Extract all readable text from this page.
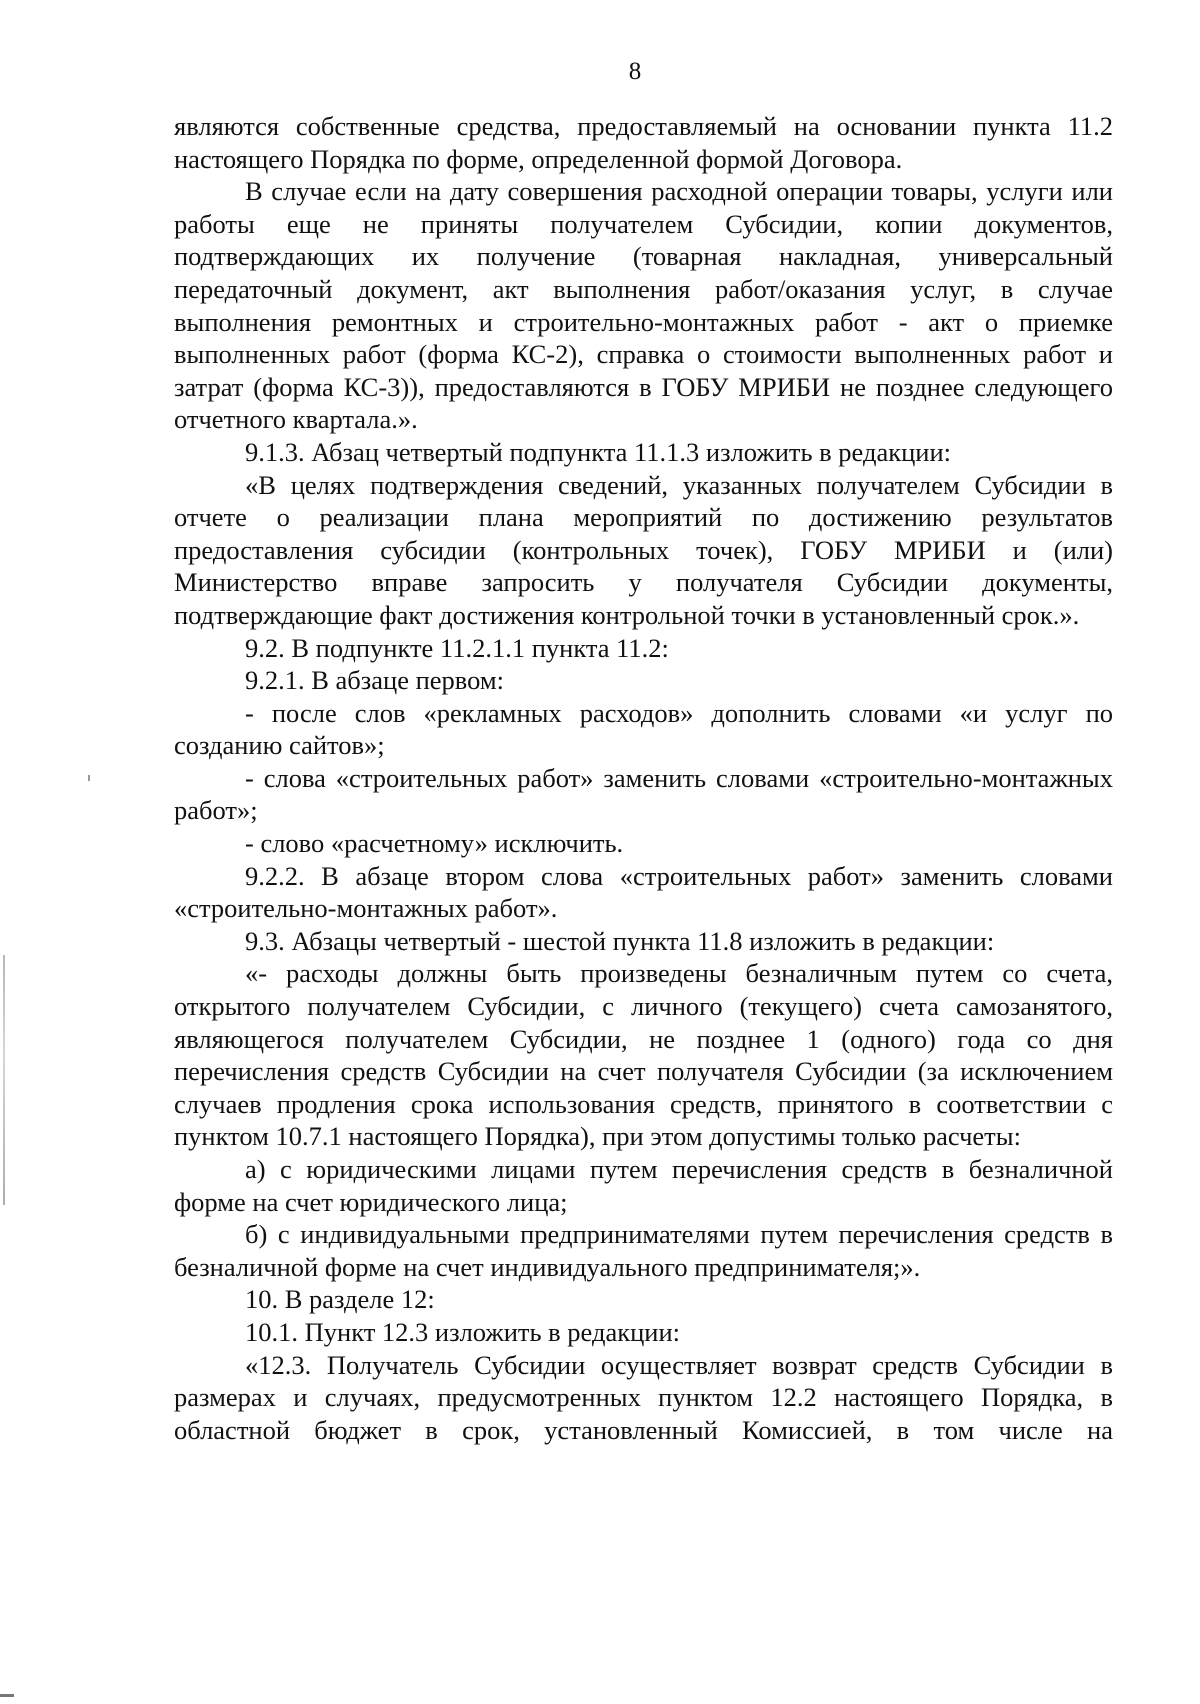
8

являются собственные средства, предоставляемый на основании пункта 11.2 настоящего Порядка по форме, определенной формой Договора.

В случае если на дату совершения расходной операции товары, услуги или работы еще не приняты получателем Субсидии, копии документов, подтверждающих их получение (товарная накладная, универсальный передаточный документ, акт выполнения работ/оказания услуг, в случае выполнения ремонтных и строительно-монтажных работ - акт о приемке выполненных работ (форма КС-2), справка о стоимости выполненных работ и затрат (форма КС-3)), предоставляются в ГОБУ МРИБИ не позднее следующего отчетного квартала.».

9.1.3. Абзац четвертый подпункта 11.1.3 изложить в редакции:

«В целях подтверждения сведений, указанных получателем Субсидии в отчете о реализации плана мероприятий по достижению результатов предоставления субсидии (контрольных точек), ГОБУ МРИБИ и (или) Министерство вправе запросить у получателя Субсидии документы, подтверждающие факт достижения контрольной точки в установленный срок.».

9.2. В подпункте 11.2.1.1 пункта 11.2:

9.2.1. В абзаце первом:

- после слов «рекламных расходов» дополнить словами «и услуг по созданию сайтов»;

- слова «строительных работ» заменить словами «строительно-монтажных работ»;

- слово «расчетному» исключить.

9.2.2. В абзаце втором слова «строительных работ» заменить словами «строительно-монтажных работ».

9.3. Абзацы четвертый - шестой пункта 11.8 изложить в редакции:

«- расходы должны быть произведены безналичным путем со счета, открытого получателем Субсидии, с личного (текущего) счета самозанятого, являющегося получателем Субсидии, не позднее 1 (одного) года со дня перечисления средств Субсидии на счет получателя Субсидии (за исключением случаев продления срока использования средств, принятого в соответствии с пунктом 10.7.1 настоящего Порядка), при этом допустимы только расчеты:

а) с юридическими лицами путем перечисления средств в безналичной форме на счет юридического лица;

б) с индивидуальными предпринимателями путем перечисления средств в безналичной форме на счет индивидуального предпринимателя;».

10. В разделе 12:

10.1. Пункт 12.3 изложить в редакции:

«12.3. Получатель Субсидии осуществляет возврат средств Субсидии в размерах и случаях, предусмотренных пунктом 12.2 настоящего Порядка, в областной бюджет в срок, установленный Комиссией, в том числе на
